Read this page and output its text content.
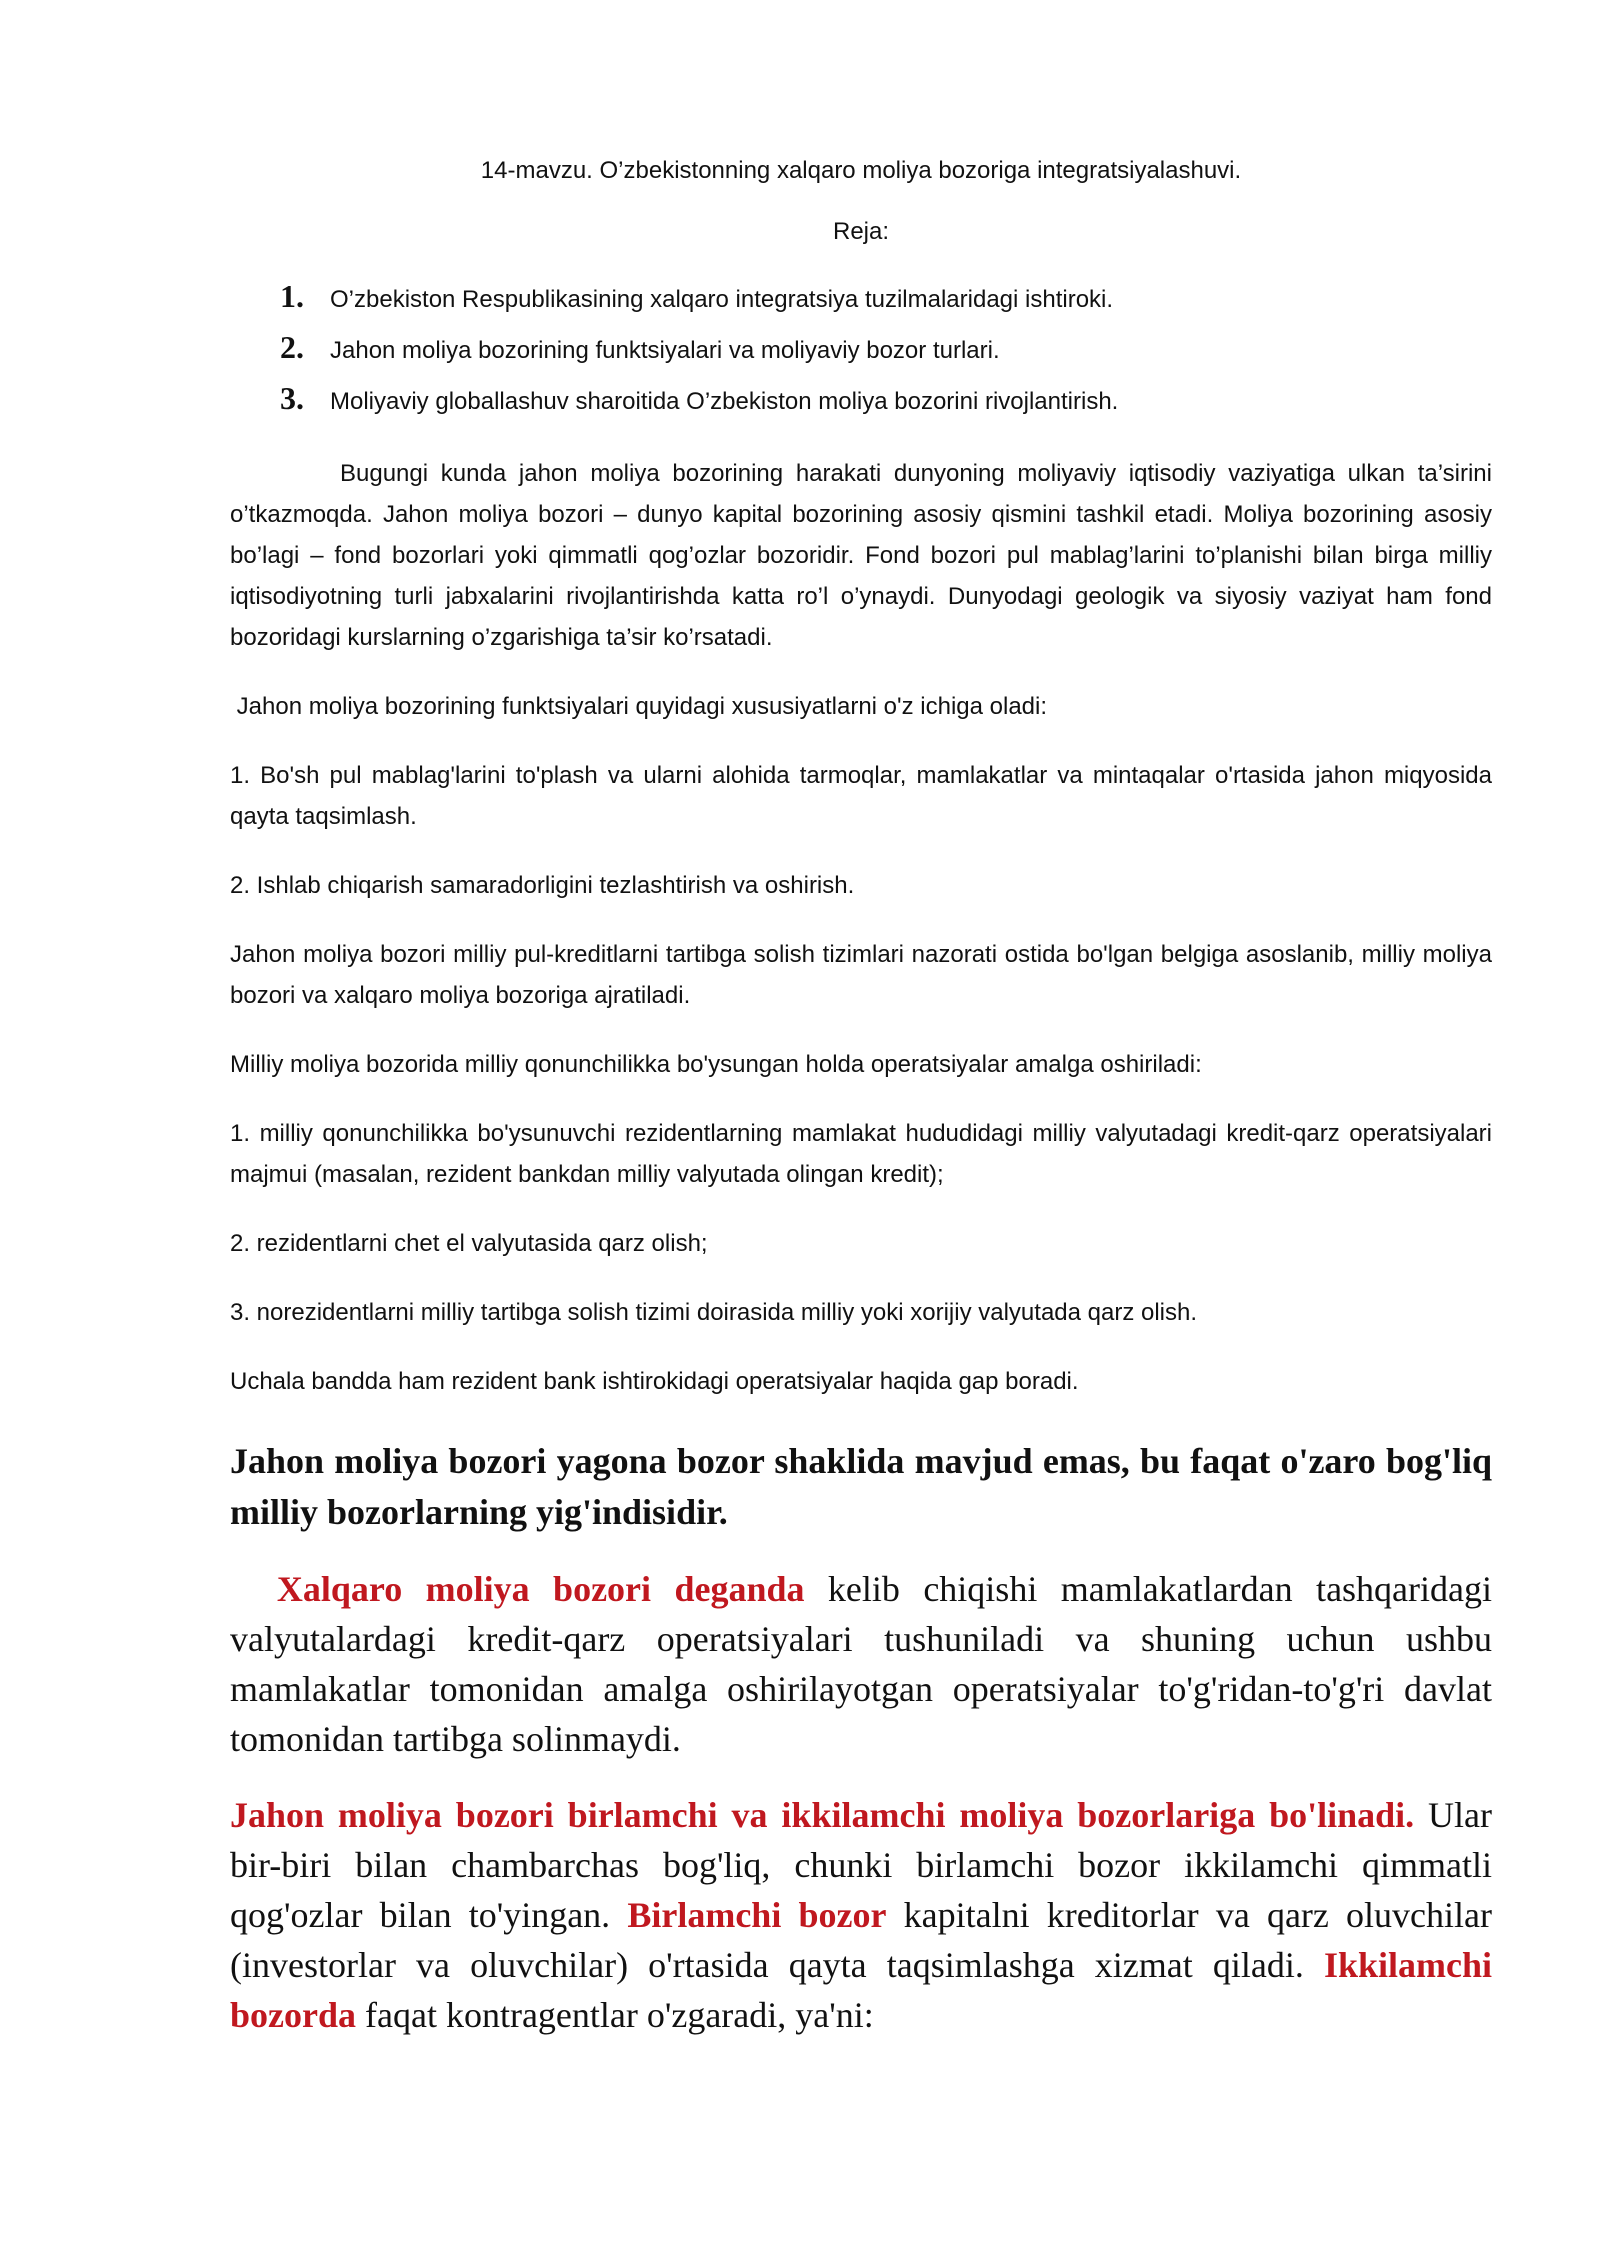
14-mavzu. O’zbekistonning xalqaro moliya bozoriga integratsiyalashuvi.

Reja:

1.	O’zbekiston Respublikasining xalqaro integratsiya tuzilmalaridagi ishtiroki.
2.	Jahon moliya bozorining funktsiyalari va moliyaviy bozor turlari.
3.	Moliyaviy globallashuv sharoitida O’zbekiston moliya bozorini rivojlantirish.

Bugungi kunda jahon moliya bozorining harakati dunyoning moliyaviy iqtisodiy vaziyatiga ulkan ta’sirini o’tkazmoqda. Jahon moliya bozori – dunyo kapital bozorining asosiy qismini tashkil etadi. Moliya bozorining asosiy bo’lagi – fond bozorlari yoki qimmatli qog’ozlar bozoridir. Fond bozori pul mablag’larini to’planishi bilan birga milliy iqtisodiyotning turli jabxalarini rivojlantirishda katta ro’l o’ynaydi. Dunyodagi geologik va siyosiy vaziyat ham fond bozoridagi kurslarning o’zgarishiga ta’sir ko’rsatadi.

Jahon moliya bozorining funktsiyalari quyidagi xususiyatlarni o'z ichiga oladi:

1. Bo'sh pul mablag'larini to'plash va ularni alohida tarmoqlar, mamlakatlar va mintaqalar o'rtasida jahon miqyosida qayta taqsimlash.

2. Ishlab chiqarish samaradorligini tezlashtirish va oshirish.

Jahon moliya bozori milliy pul-kreditlarni tartibga solish tizimlari nazorati ostida bo'lgan belgiga asoslanib, milliy moliya bozori va xalqaro moliya bozoriga ajratiladi.

Milliy moliya bozorida milliy qonunchilikka bo'ysungan holda operatsiyalar amalga oshiriladi:

1. milliy qonunchilikka bo'ysunuvchi rezidentlarning mamlakat hududidagi milliy valyutadagi kredit-qarz operatsiyalari majmui (masalan, rezident bankdan milliy valyutada olingan kredit);

2. rezidentlarni chet el valyutasida qarz olish;

3. norezidentlarni milliy tartibga solish tizimi doirasida milliy yoki xorijiy valyutada qarz olish.

Uchala bandda ham rezident bank ishtirokidagi operatsiyalar haqida gap boradi.

Jahon moliya bozori yagona bozor shaklida mavjud emas, bu faqat o'zaro bog'liq milliy bozorlarning yig'indisidir.

Xalqaro moliya bozori deganda kelib chiqishi mamlakatlardan tashqaridagi valyutalardagi kredit-qarz operatsiyalari tushuniladi va shuning uchun ushbu mamlakatlar tomonidan amalga oshirilayotgan operatsiyalar to'g'ridan-to'g'ri davlat tomonidan tartibga solinmaydi.

Jahon moliya bozori birlamchi va ikkilamchi moliya bozorlariga bo'linadi. Ular bir-biri bilan chambarchas bog'liq, chunki birlamchi bozor ikkilamchi qimmatli qog'ozlar bilan to'yingan. Birlamchi bozor kapitalni kreditorlar va qarz oluvchilar (investorlar va oluvchilar) o'rtasida qayta taqsimlashga xizmat qiladi. Ikkilamchi bozorda faqat kontragentlar o'zgaradi, ya'ni:
